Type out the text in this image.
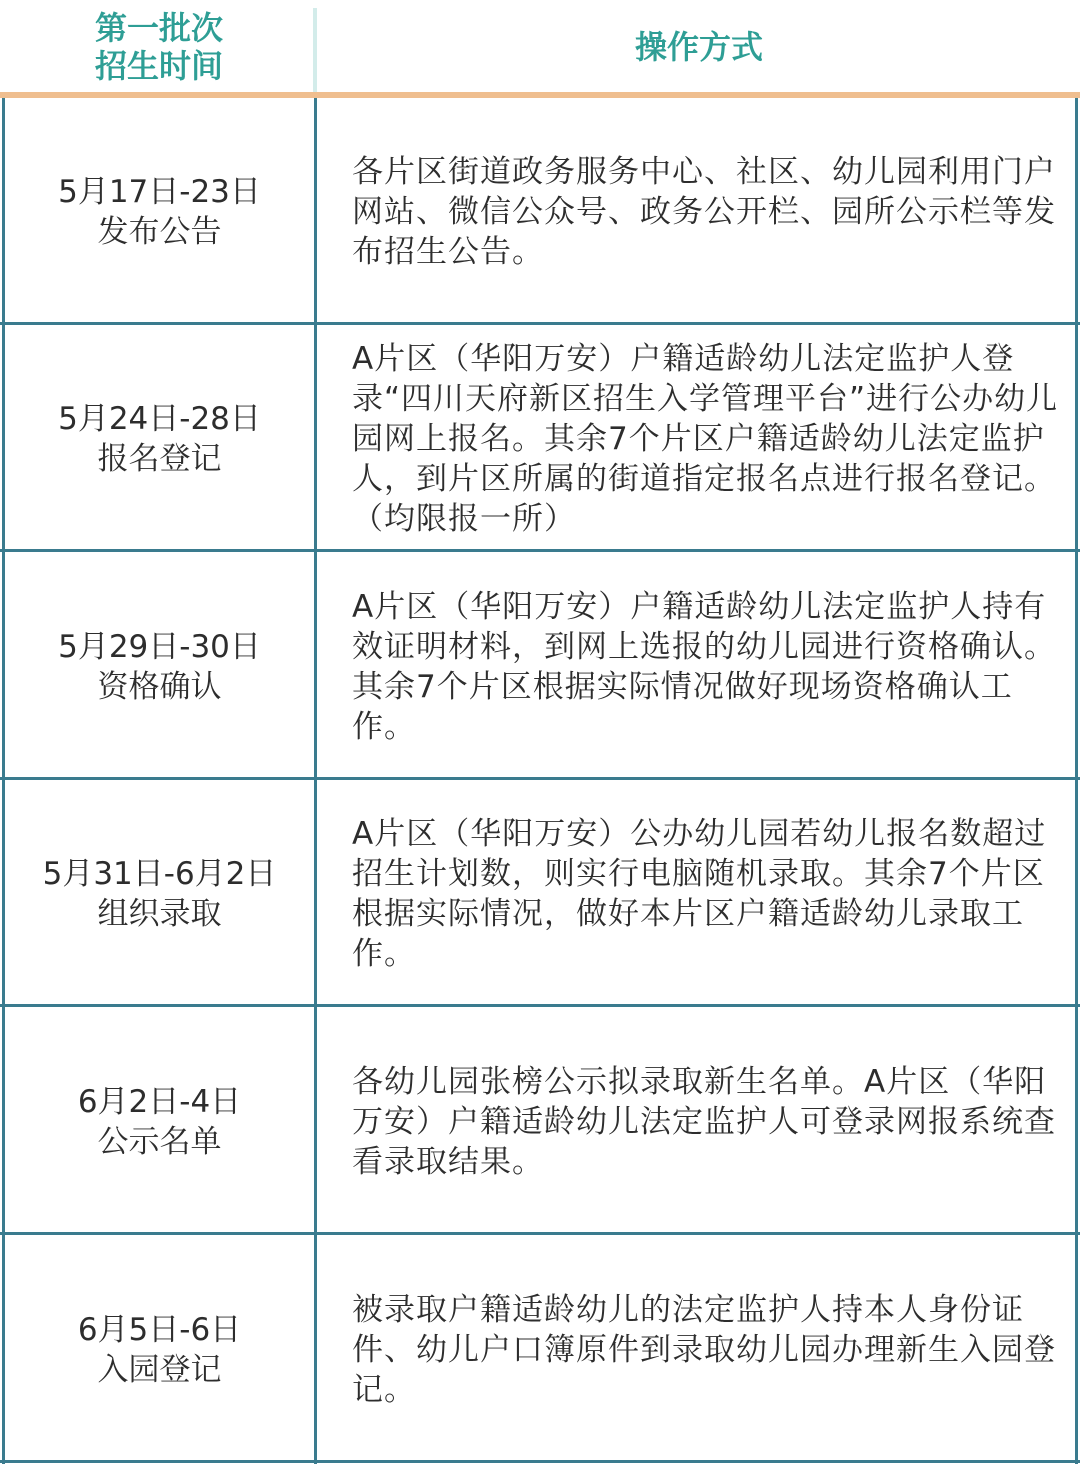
第一批次
招生时间	操作方式
5月17日-23日
发布公告
各片区街道政务服务中心、社区、幼儿园利用门户网站、微信公众号、政务公开栏、园所公示栏等发布招生公告。
5月24日-28日
报名登记
A片区（华阳万安）户籍适龄幼儿法定监护人登录“四川天府新区招生入学管理平台”进行公办幼儿园网上报名。其余7个片区户籍适龄幼儿法定监护人，到片区所属的街道指定报名点进行报名登记。（均限报一所）
5月29日-30日
资格确认
A片区（华阳万安）户籍适龄幼儿法定监护人持有效证明材料，到网上选报的幼儿园进行资格确认。其余7个片区根据实际情况做好现场资格确认工作。
5月31日-6月2日
组织录取
A片区（华阳万安）公办幼儿园若幼儿报名数超过招生计划数，则实行电脑随机录取。其余7个片区根据实际情况，做好本片区户籍适龄幼儿录取工作。
6月2日-4日
公示名单
各幼儿园张榜公示拟录取新生名单。A片区（华阳万安）户籍适龄幼儿法定监护人可登录网报系统查看录取结果。
6月5日-6日
入园登记
被录取户籍适龄幼儿的法定监护人持本人身份证件、幼儿户口簿原件到录取幼儿园办理新生入园登记。
